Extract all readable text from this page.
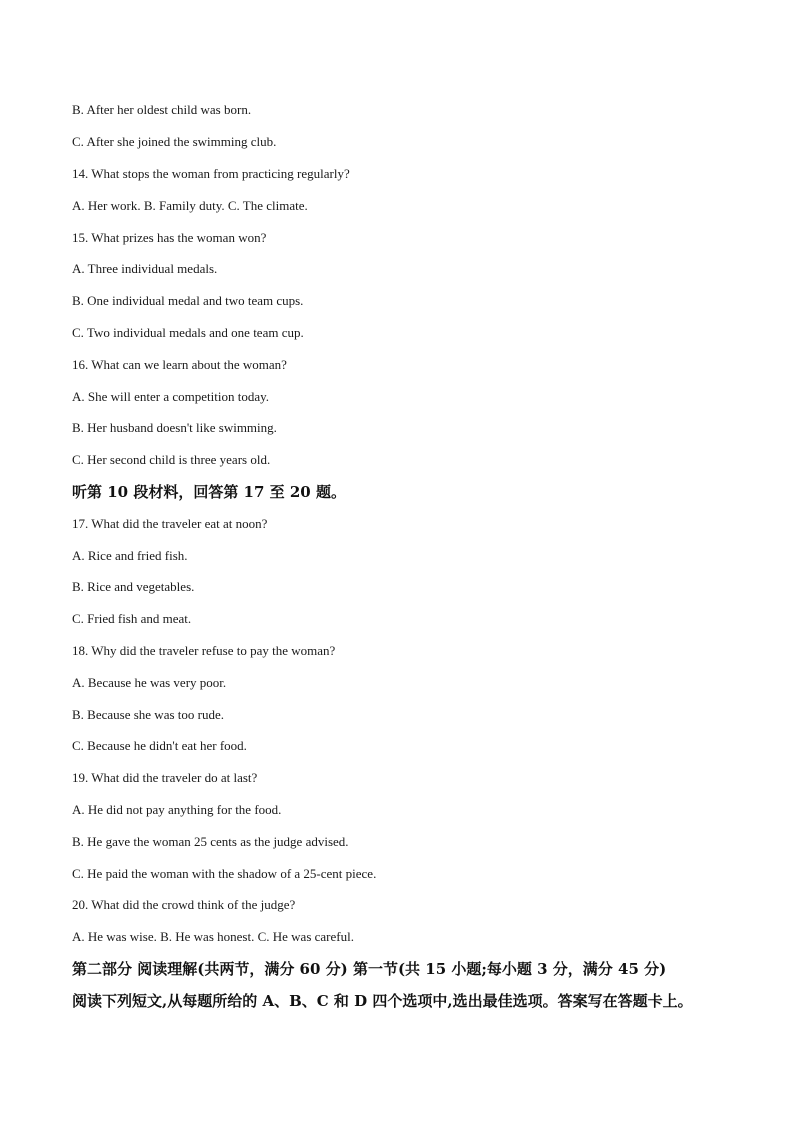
B. After her oldest child was born.
C. After she joined the swimming club.
14. What stops the woman from practicing regularly?
A. Her work. B. Family duty. C. The climate.
15. What prizes has the woman won?
A. Three individual medals.
B. One individual medal and two team cups.
C. Two individual medals and one team cup.
16. What can we learn about the woman?
A. She will enter a competition today.
B. Her husband doesn't like swimming.
C. Her second child is three years old.
听第 10 段材料，回答第 17 至 20 题。
17. What did the traveler eat at noon?
A. Rice and fried fish.
B. Rice and vegetables.
C. Fried fish and meat.
18. Why did the traveler refuse to pay the woman?
A. Because he was very poor.
B. Because she was too rude.
C. Because he didn't eat her food.
19. What did the traveler do at last?
A. He did not pay anything for the food.
B. He gave the woman 25 cents as the judge advised.
C. He paid the woman with the shadow of a 25-cent piece.
20. What did the crowd think of the judge?
A. He was wise. B. He was honest. C. He was careful.
第二部分 阅读理解(共两节，满分 60 分) 第一节(共 15 小题;每小题 3 分，满分 45 分)
阅读下列短文,从每题所给的 A、B、C 和 D 四个选项中,选出最佳选项。答案写在答题卡上。
